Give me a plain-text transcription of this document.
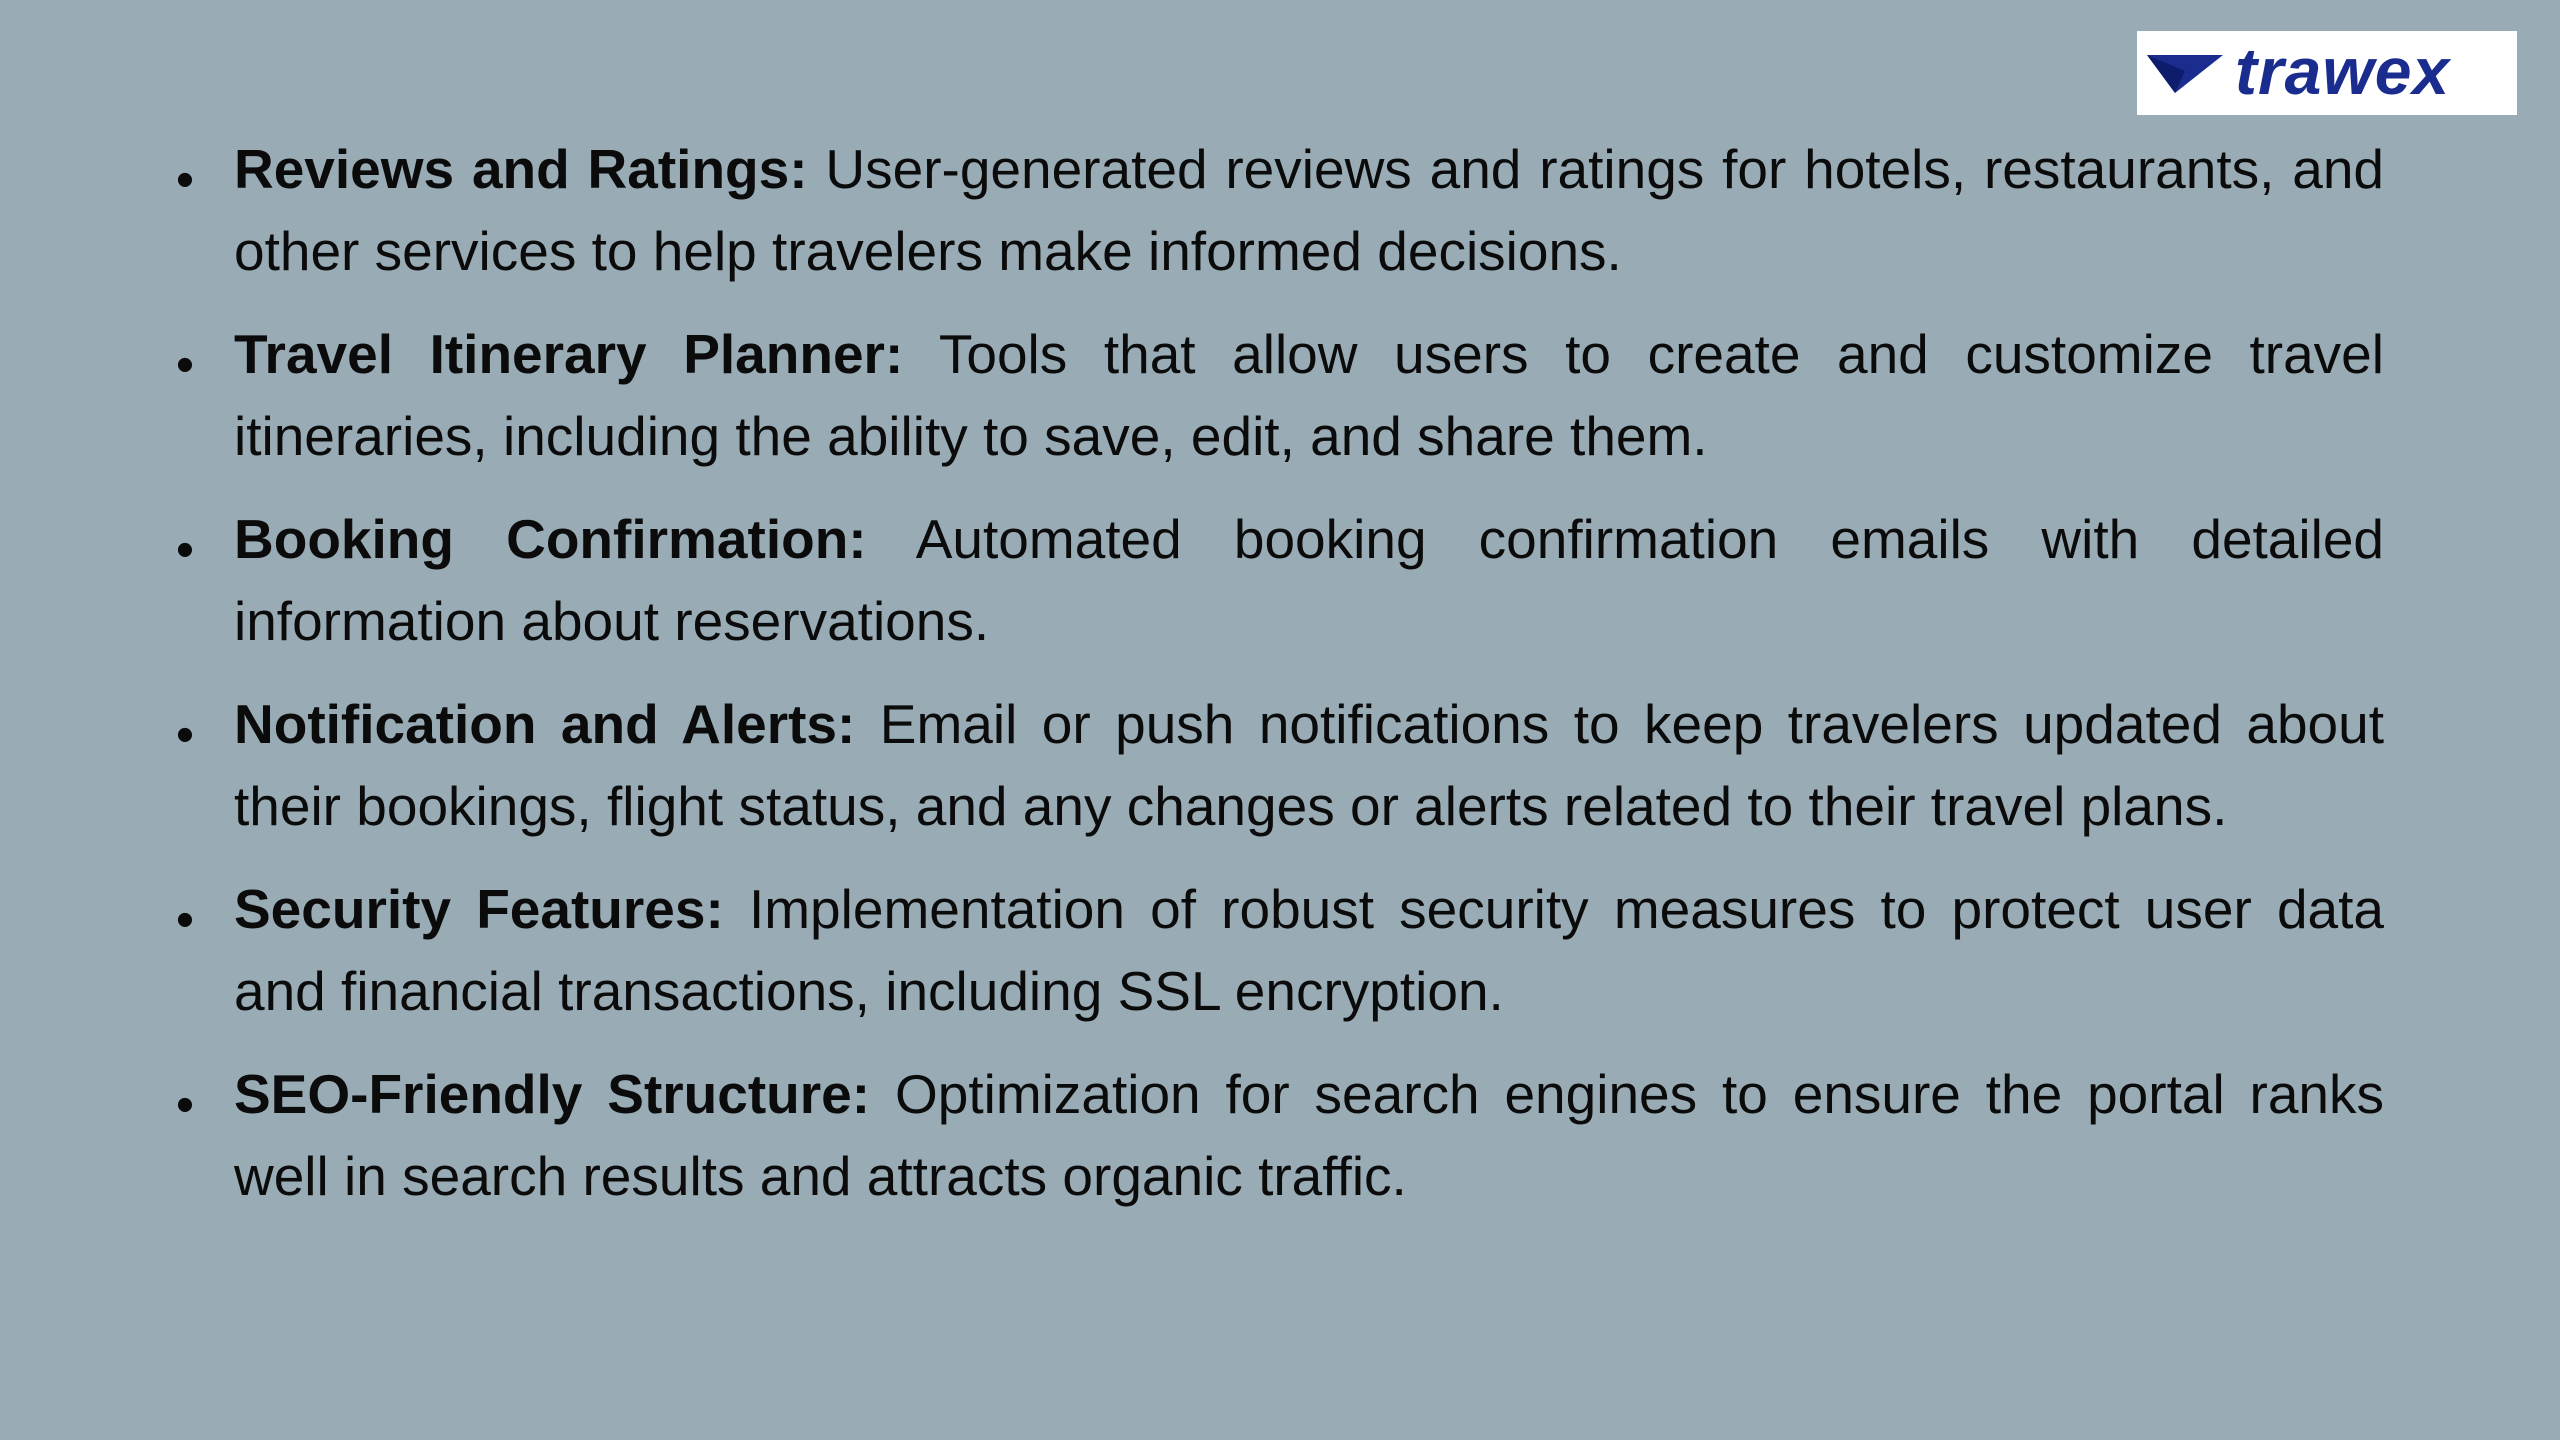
trawex
• Reviews and Ratings: User-generated reviews and ratings for hotels, restaurants, and other services to help travelers make informed decisions.
• Travel Itinerary Planner: Tools that allow users to create and customize travel itineraries, including the ability to save, edit, and share them.
• Booking Confirmation: Automated booking confirmation emails with detailed information about reservations.
• Notification and Alerts: Email or push notifications to keep travelers updated about their bookings, flight status, and any changes or alerts related to their travel plans.
• Security Features: Implementation of robust security measures to protect user data and financial transactions, including SSL encryption.
• SEO-Friendly Structure: Optimization for search engines to ensure the portal ranks well in search results and attracts organic traffic.
